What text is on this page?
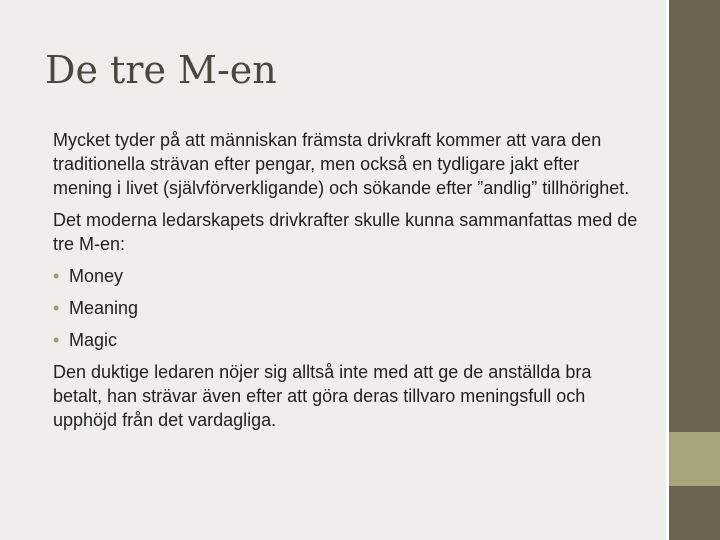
De tre M-en

Mycket tyder på att människan främsta drivkraft kommer att vara den traditionella strävan efter pengar, men också en tydligare jakt efter mening i livet (självförverkligande) och sökande efter ”andlig” tillhörighet.

Det moderna ledarskapets drivkrafter skulle kunna sammanfattas med de tre M-en:

• Money
• Meaning
• Magic

Den duktige ledaren nöjer sig alltså inte med att ge de anställda bra betalt, han strävar även efter att göra deras tillvaro meningsfull och upphöjd från det vardagliga.
